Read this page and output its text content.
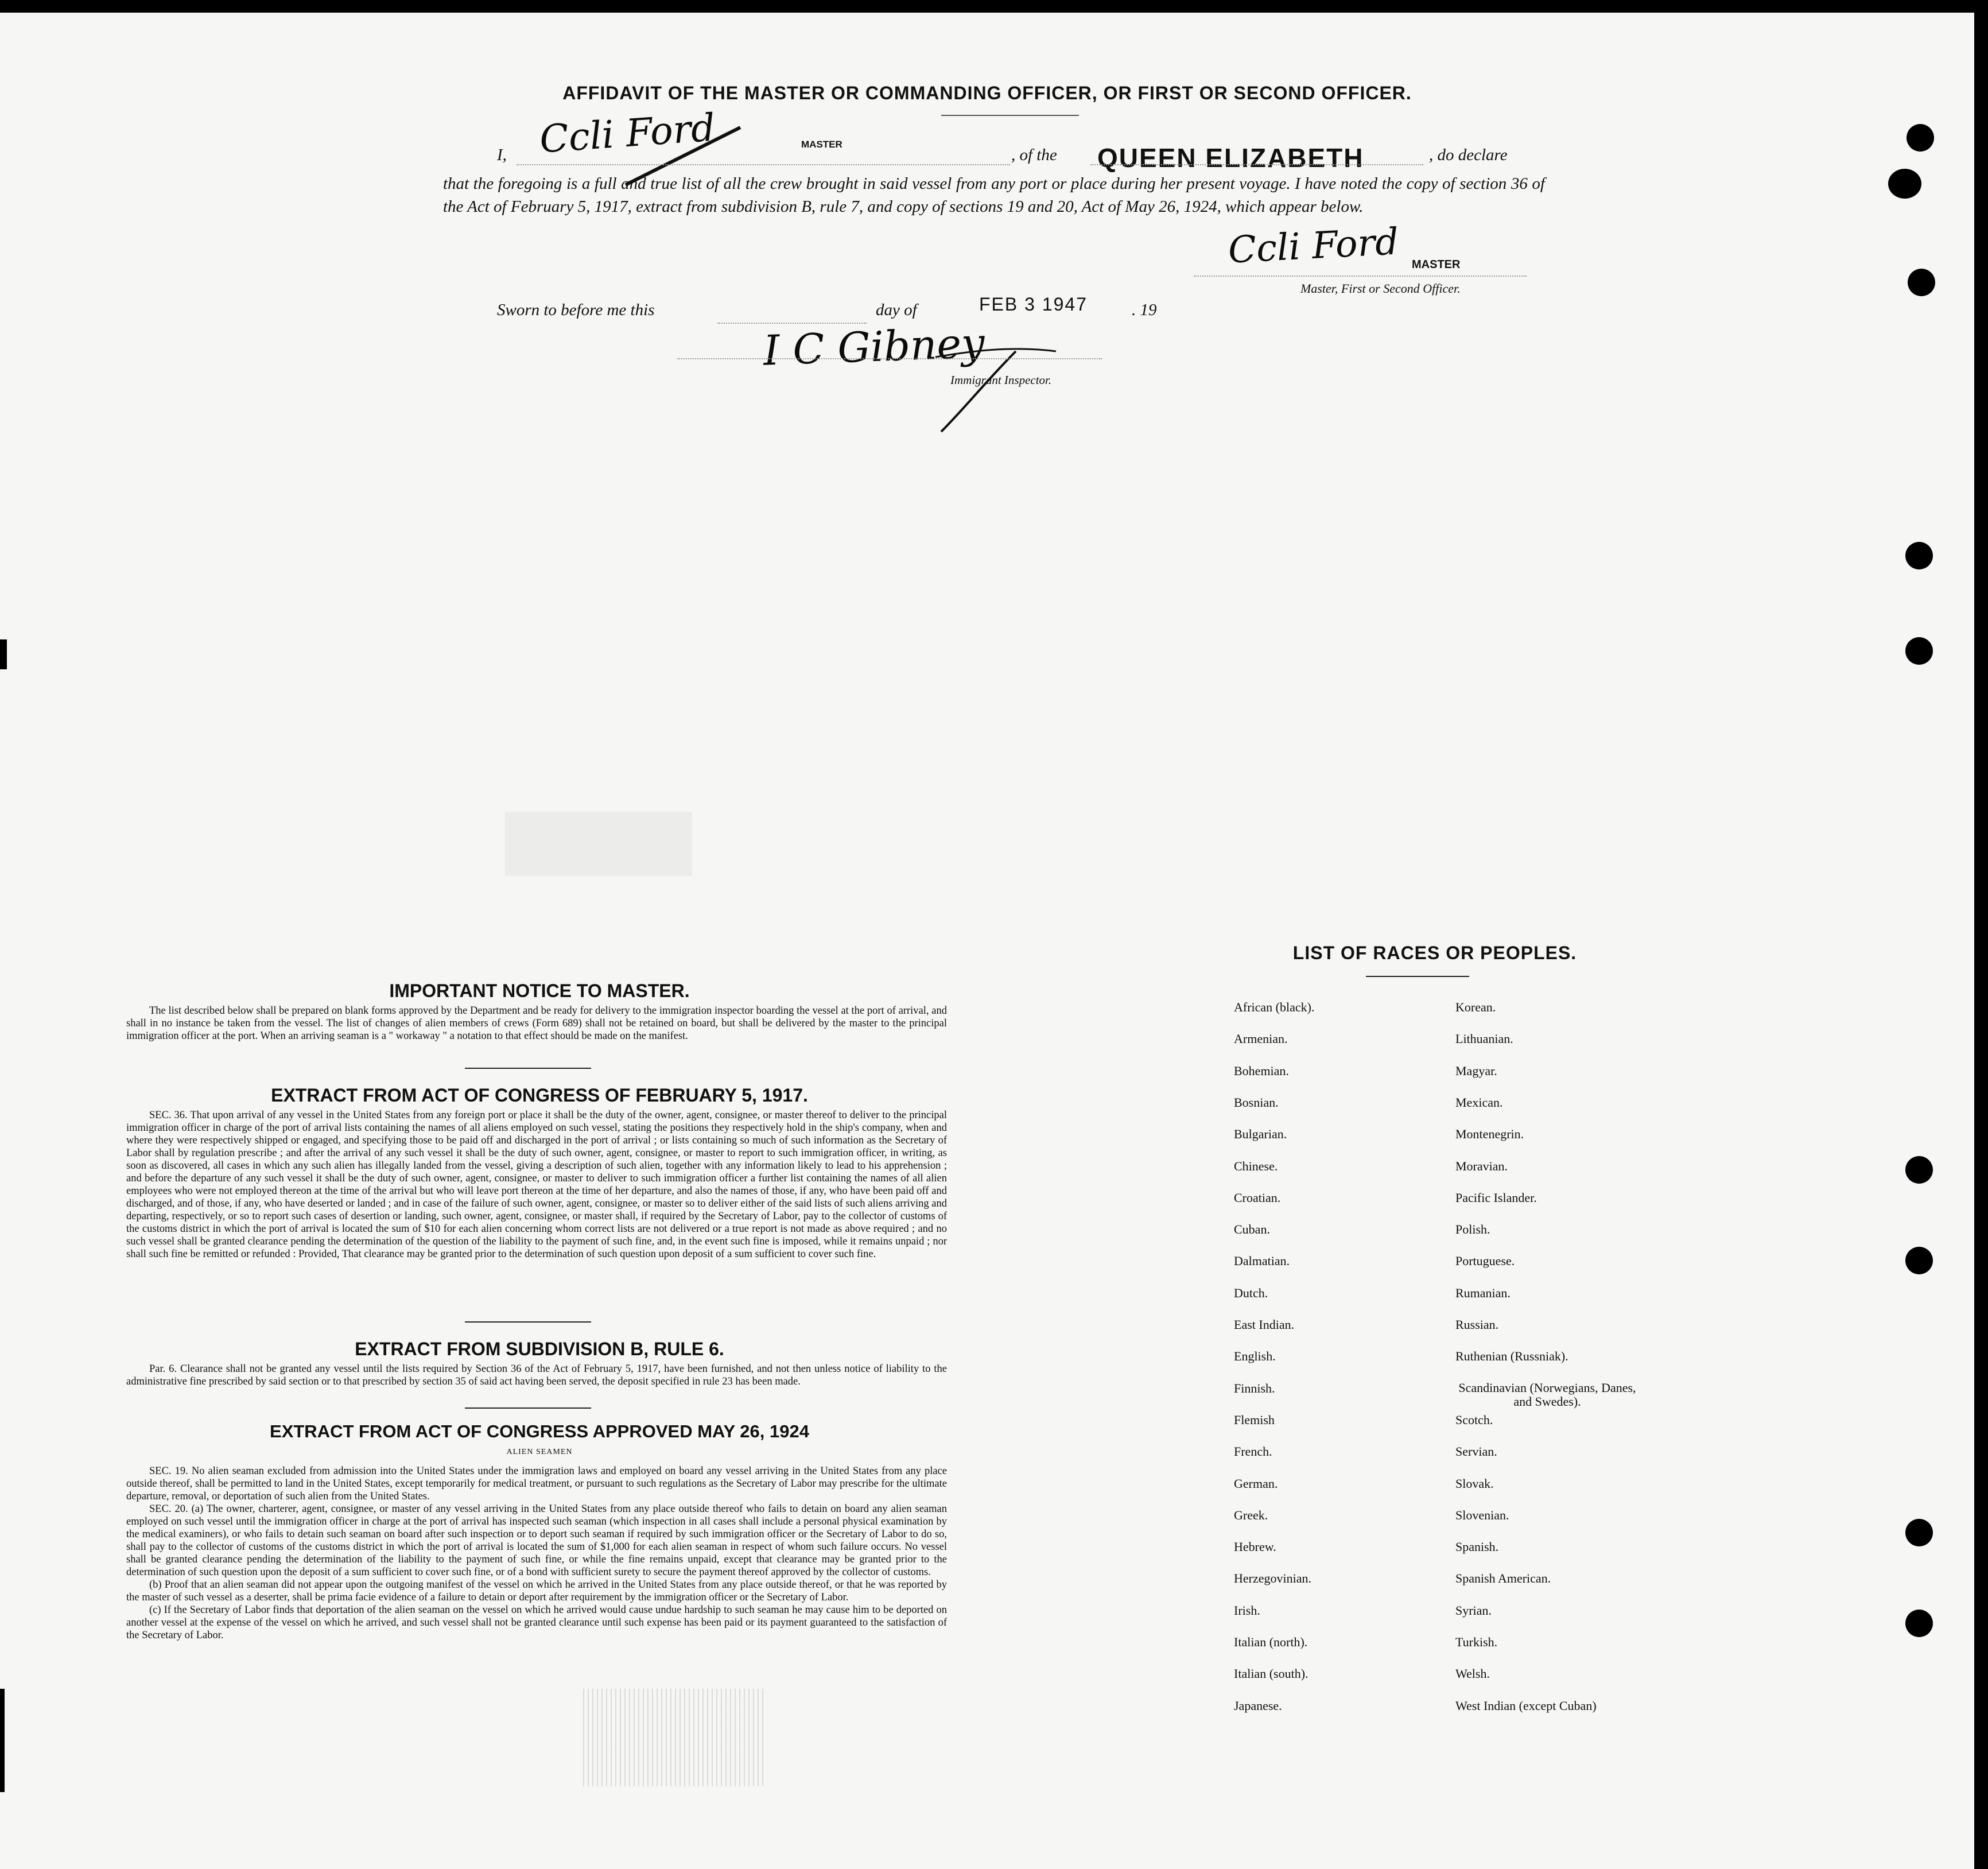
AFFIDAVIT OF THE MASTER OR COMMANDING OFFICER, OR FIRST OR SECOND OFFICER.
I, Ccli Ford	MASTER
, of the QUEEN ELIZABETH	, do declare
that the foregoing is a full and true list of all the crew brought in said vessel from any port or place during her present voyage. I have noted the copy of section 36 of the Act of February 5, 1917, extract from subdivision B, rule 7, and copy of sections 19 and 20, Act of May 26, 1924, which appear below.
Ccli Ford MASTER
Master, First or Second Officer.
Sworn to before me this	day of	FEB 3 1947	. 19
I C Gibney
Immigrant Inspector.
IMPORTANT NOTICE TO MASTER.

The list described below shall be prepared on blank forms approved by the Department and be ready for delivery to the immigration inspector boarding the vessel at the port of arrival, and shall in no instance be taken from the vessel. The list of changes of alien members of crews (Form 689) shall not be retained on board, but shall be delivered by the master to the principal immigration officer at the port. When an arriving seaman is a " workaway " a notation to that effect should be made on the manifest.

EXTRACT FROM ACT OF CONGRESS OF FEBRUARY 5, 1917.

SEC. 36. That upon arrival of any vessel in the United States from any foreign port or place it shall be the duty of the owner, agent, consignee, or master thereof to deliver to the principal immigration officer in charge of the port of arrival lists containing the names of all aliens employed on such vessel, stating the positions they respectively hold in the ship's company, when and where they were respectively shipped or engaged, and specifying those to be paid off and discharged in the port of arrival ; or lists containing so much of such information as the Secretary of Labor shall by regulation prescribe ; and after the arrival of any such vessel it shall be the duty of such owner, agent, consignee, or master to report to such immigration officer, in writing, as soon as discovered, all cases in which any such alien has illegally landed from the vessel, giving a description of such alien, together with any information likely to lead to his apprehension ; and before the departure of any such vessel it shall be the duty of such owner, agent, consignee, or master to deliver to such immigration officer a further list containing the names of all alien employees who were not employed thereon at the time of the arrival but who will leave port thereon at the time of her departure, and also the names of those, if any, who have been paid off and discharged, and of those, if any, who have deserted or landed ; and in case of the failure of such owner, agent, consignee, or master so to deliver either of the said lists of such aliens arriving and departing, respectively, or so to report such cases of desertion or landing, such owner, agent, consignee, or master shall, if required by the Secretary of Labor, pay to the collector of customs of the customs district in which the port of arrival is located the sum of $10 for each alien concerning whom correct lists are not delivered or a true report is not made as above required ; and no such vessel shall be granted clearance pending the determination of the question of the liability to the payment of such fine, and, in the event such fine is imposed, while it remains unpaid ; nor shall such fine be remitted or refunded : Provided, That clearance may be granted prior to the determination of such question upon deposit of a sum sufficient to cover such fine.

EXTRACT FROM SUBDIVISION B, RULE 6.

Par. 6. Clearance shall not be granted any vessel until the lists required by Section 36 of the Act of February 5, 1917, have been furnished, and not then unless notice of liability to the administrative fine prescribed by said section or to that prescribed by section 35 of said act having been served, the deposit specified in rule 23 has been made.

EXTRACT FROM ACT OF CONGRESS APPROVED MAY 26, 1924
ALIEN SEAMEN

SEC. 19. No alien seaman excluded from admission into the United States under the immigration laws and employed on board any vessel arriving in the United States from any place outside thereof, shall be permitted to land in the United States, except temporarily for medical treatment, or pursuant to such regulations as the Secretary of Labor may prescribe for the ultimate departure, removal, or deportation of such alien from the United States.

SEC. 20. (a) The owner, charterer, agent, consignee, or master of any vessel arriving in the United States from any place outside thereof who fails to detain on board any alien seaman employed on such vessel until the immigration officer in charge at the port of arrival has inspected such seaman (which inspection in all cases shall include a personal physical examination by the medical examiners), or who fails to detain such seaman on board after such inspection or to deport such seaman if required by such immigration officer or the Secretary of Labor to do so, shall pay to the collector of customs of the customs district in which the port of arrival is located the sum of $1,000 for each alien seaman in respect of whom such failure occurs. No vessel shall be granted clearance pending the determination of the liability to the payment of such fine, or while the fine remains unpaid, except that clearance may be granted prior to the determination of such question upon the deposit of a sum sufficient to cover such fine, or of a bond with sufficient surety to secure the payment thereof approved by the collector of customs.

(b) Proof that an alien seaman did not appear upon the outgoing manifest of the vessel on which he arrived in the United States from any place outside thereof, or that he was reported by the master of such vessel as a deserter, shall be prima facie evidence of a failure to detain or deport after requirement by the immigration officer or the Secretary of Labor.

(c) If the Secretary of Labor finds that deportation of the alien seaman on the vessel on which he arrived would cause undue hardship to such seaman he may cause him to be deported on another vessel at the expense of the vessel on which he arrived, and such vessel shall not be granted clearance until such expense has been paid or its payment guaranteed to the satisfaction of the Secretary of Labor.

LIST OF RACES OR PEOPLES.
African (black).
Armenian.
Bohemian.
Bosnian.
Bulgarian.
Chinese.
Croatian.
Cuban.
Dalmatian.
Dutch.
East Indian.
English.
Finnish.
Flemish
French.
German.
Greek.
Hebrew.
Herzegovinian.
Irish.
Italian (north).
Italian (south).
Japanese.
Korean.
Lithuanian.
Magyar.
Mexican.
Montenegrin.
Moravian.
Pacific Islander.
Polish.
Portuguese.
Rumanian.
Russian.
Ruthenian (Russniak).
Scandinavian (Norwegians, Danes, and Swedes).
Scotch.
Servian.
Slovak.
Slovenian.
Spanish.
Spanish American.
Syrian.
Turkish.
Welsh.
West Indian (except Cuban)
